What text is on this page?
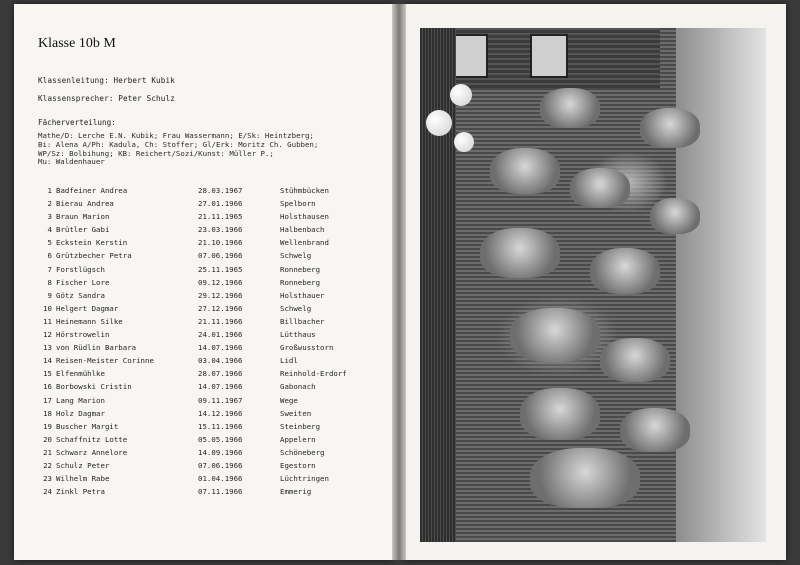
Klasse 10b M
Klassenleitung: Herbert Kubik
Klassensprecher: Peter Schulz
Fächerverteilung:
Mathe/D: Lerche E.N. Kubik; Frau Wassermann; E/Sk: Heintzberg;
Bi: Alena A/Ph: Kadula, Ch: Stoffer; Gl/Erk: Moritz Ch. Gubben;
WP/Sz: Bolbihung; KB: Reichert/Sozi/Kunst: Müller P.;
Mu: Waldenhauer
1 Badfeiner Andrea	28.03.1967	Stühmbücken
2 Bierau Andrea	27.01.1966	Spelborn
3 Braun Marion	21.11.1965	Holsthausen
4 Brütler Gabi	23.03.1966	Halbenbach
5 Eckstein Kerstin	21.10.1966	Wellenbrand
6 Grützbecher Petra	07.06.1966	Schwelg
7 Forstlügsch	25.11.1965	Ronneberg
8 Fischer Lore	09.12.1966	Ronneberg
9 Götz Sandra	29.12.1966	Holsthauer
10 Helgert Dagmar	27.12.1966	Schwelg
11 Heinemann Silke	21.11.1966	Billbacher
12 Hörstrowelin	24.01.1966	Lütthaus
13 von Rüdlin Barbara	14.07.1966	Großwusstorn
14 Reisen-Meister Corinne	03.04.1966	Lidl
15 Elfenmühlke	28.07.1966	Reinhold-Erdorf
16 Borbowski Cristin	14.07.1966	Gabonach
17 Lang Marion	09.11.1967	Wege
18 Holz Dagmar	14.12.1966	Sweiten
19 Buscher Margit	15.11.1966	Steinberg
20 Schaffnitz Lotte	05.05.1966	Appelern
21 Schwarz Annelore	14.09.1966	Schöneberg
22 Schulz Peter	07.06.1966	Egestorn
23 Wilhelm Rabe	01.04.1966	Lüchtringen
24 Zinkl Petra	07.11.1966	Emmerig
